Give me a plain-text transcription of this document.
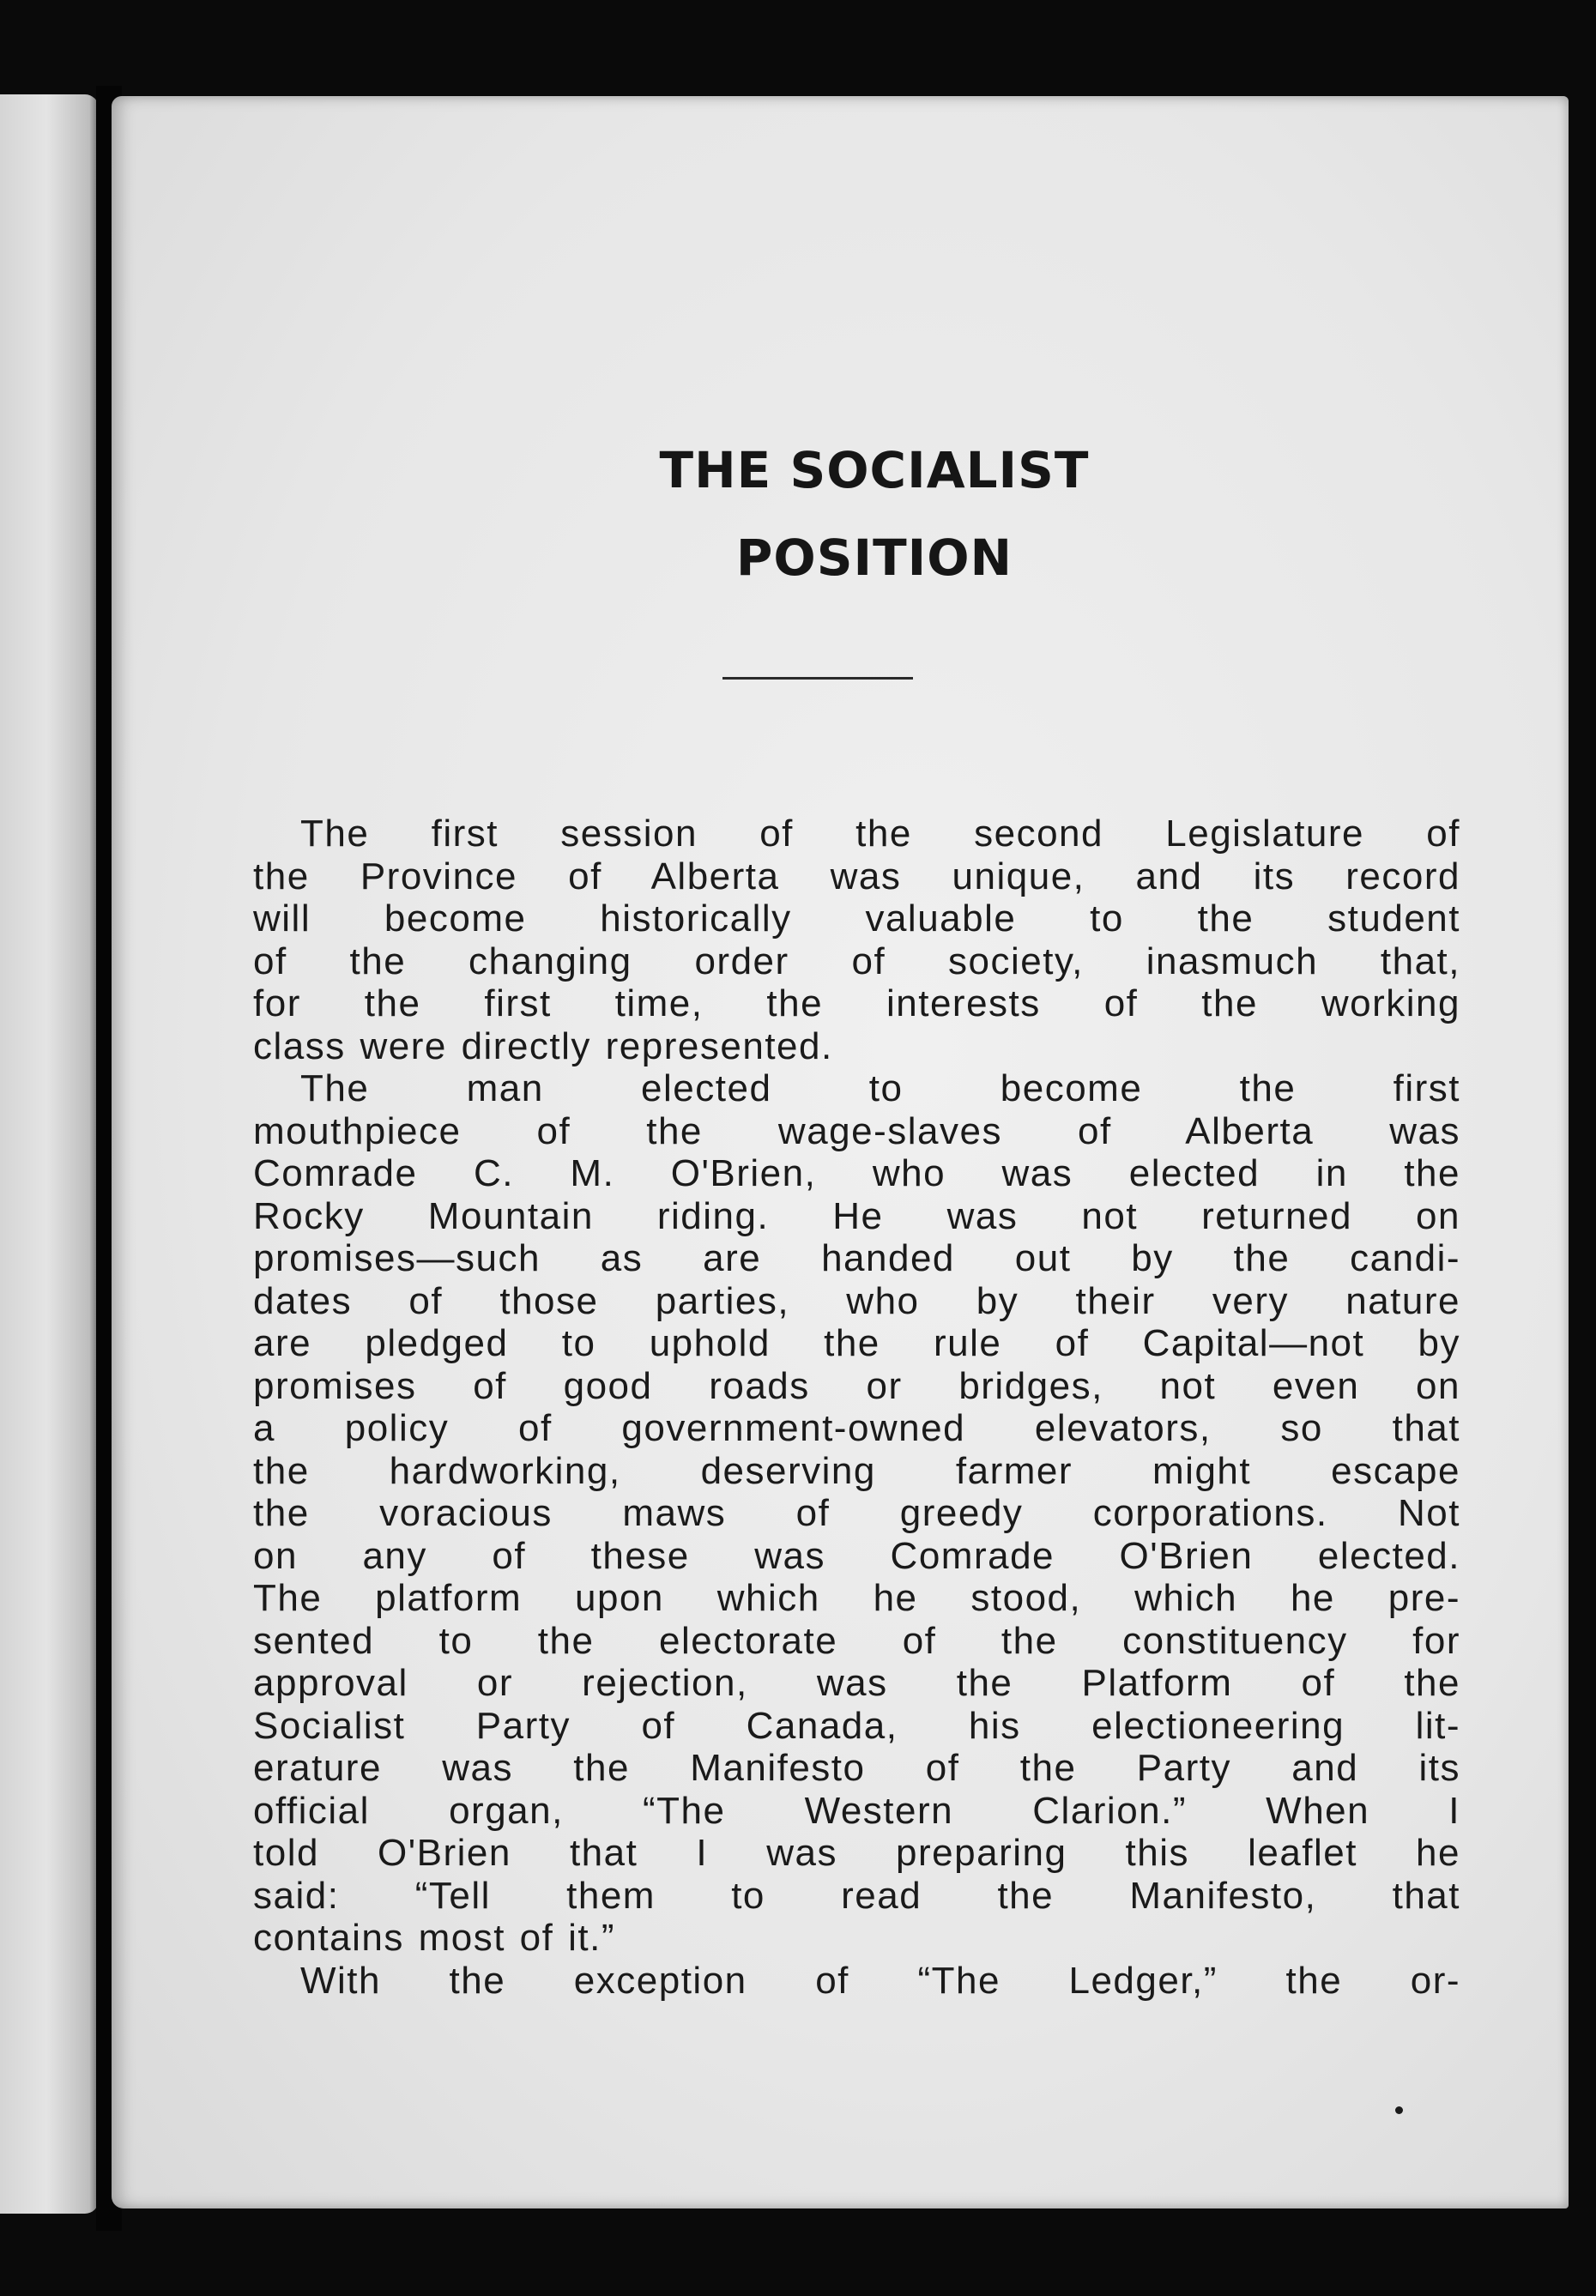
THE SOCIALIST
POSITION
The first session of the second Legislature of
the Province of Alberta was unique, and its record
will become historically valuable to the student
of the changing order of society, inasmuch that,
for the first time, the interests of the working
class were directly represented.
The man elected to become the first
mouthpiece of the wage-slaves of Alberta was
Comrade C. M. O'Brien, who was elected in the
Rocky Mountain riding. He was not returned on
promises—such as are handed out by the candi-
dates of those parties, who by their very nature
are pledged to uphold the rule of Capital—not by
promises of good roads or bridges, not even on
a policy of government-owned elevators, so that
the hardworking, deserving farmer might escape
the voracious maws of greedy corporations. Not
on any of these was Comrade O'Brien elected.
The platform upon which he stood, which he pre-
sented to the electorate of the constituency for
approval or rejection, was the Platform of the
Socialist Party of Canada, his electioneering lit-
erature was the Manifesto of the Party and its
official organ, “The Western Clarion.” When I
told O'Brien that I was preparing this leaflet he
said: “Tell them to read the Manifesto, that
contains most of it.”
With the exception of “The Ledger,” the or-
